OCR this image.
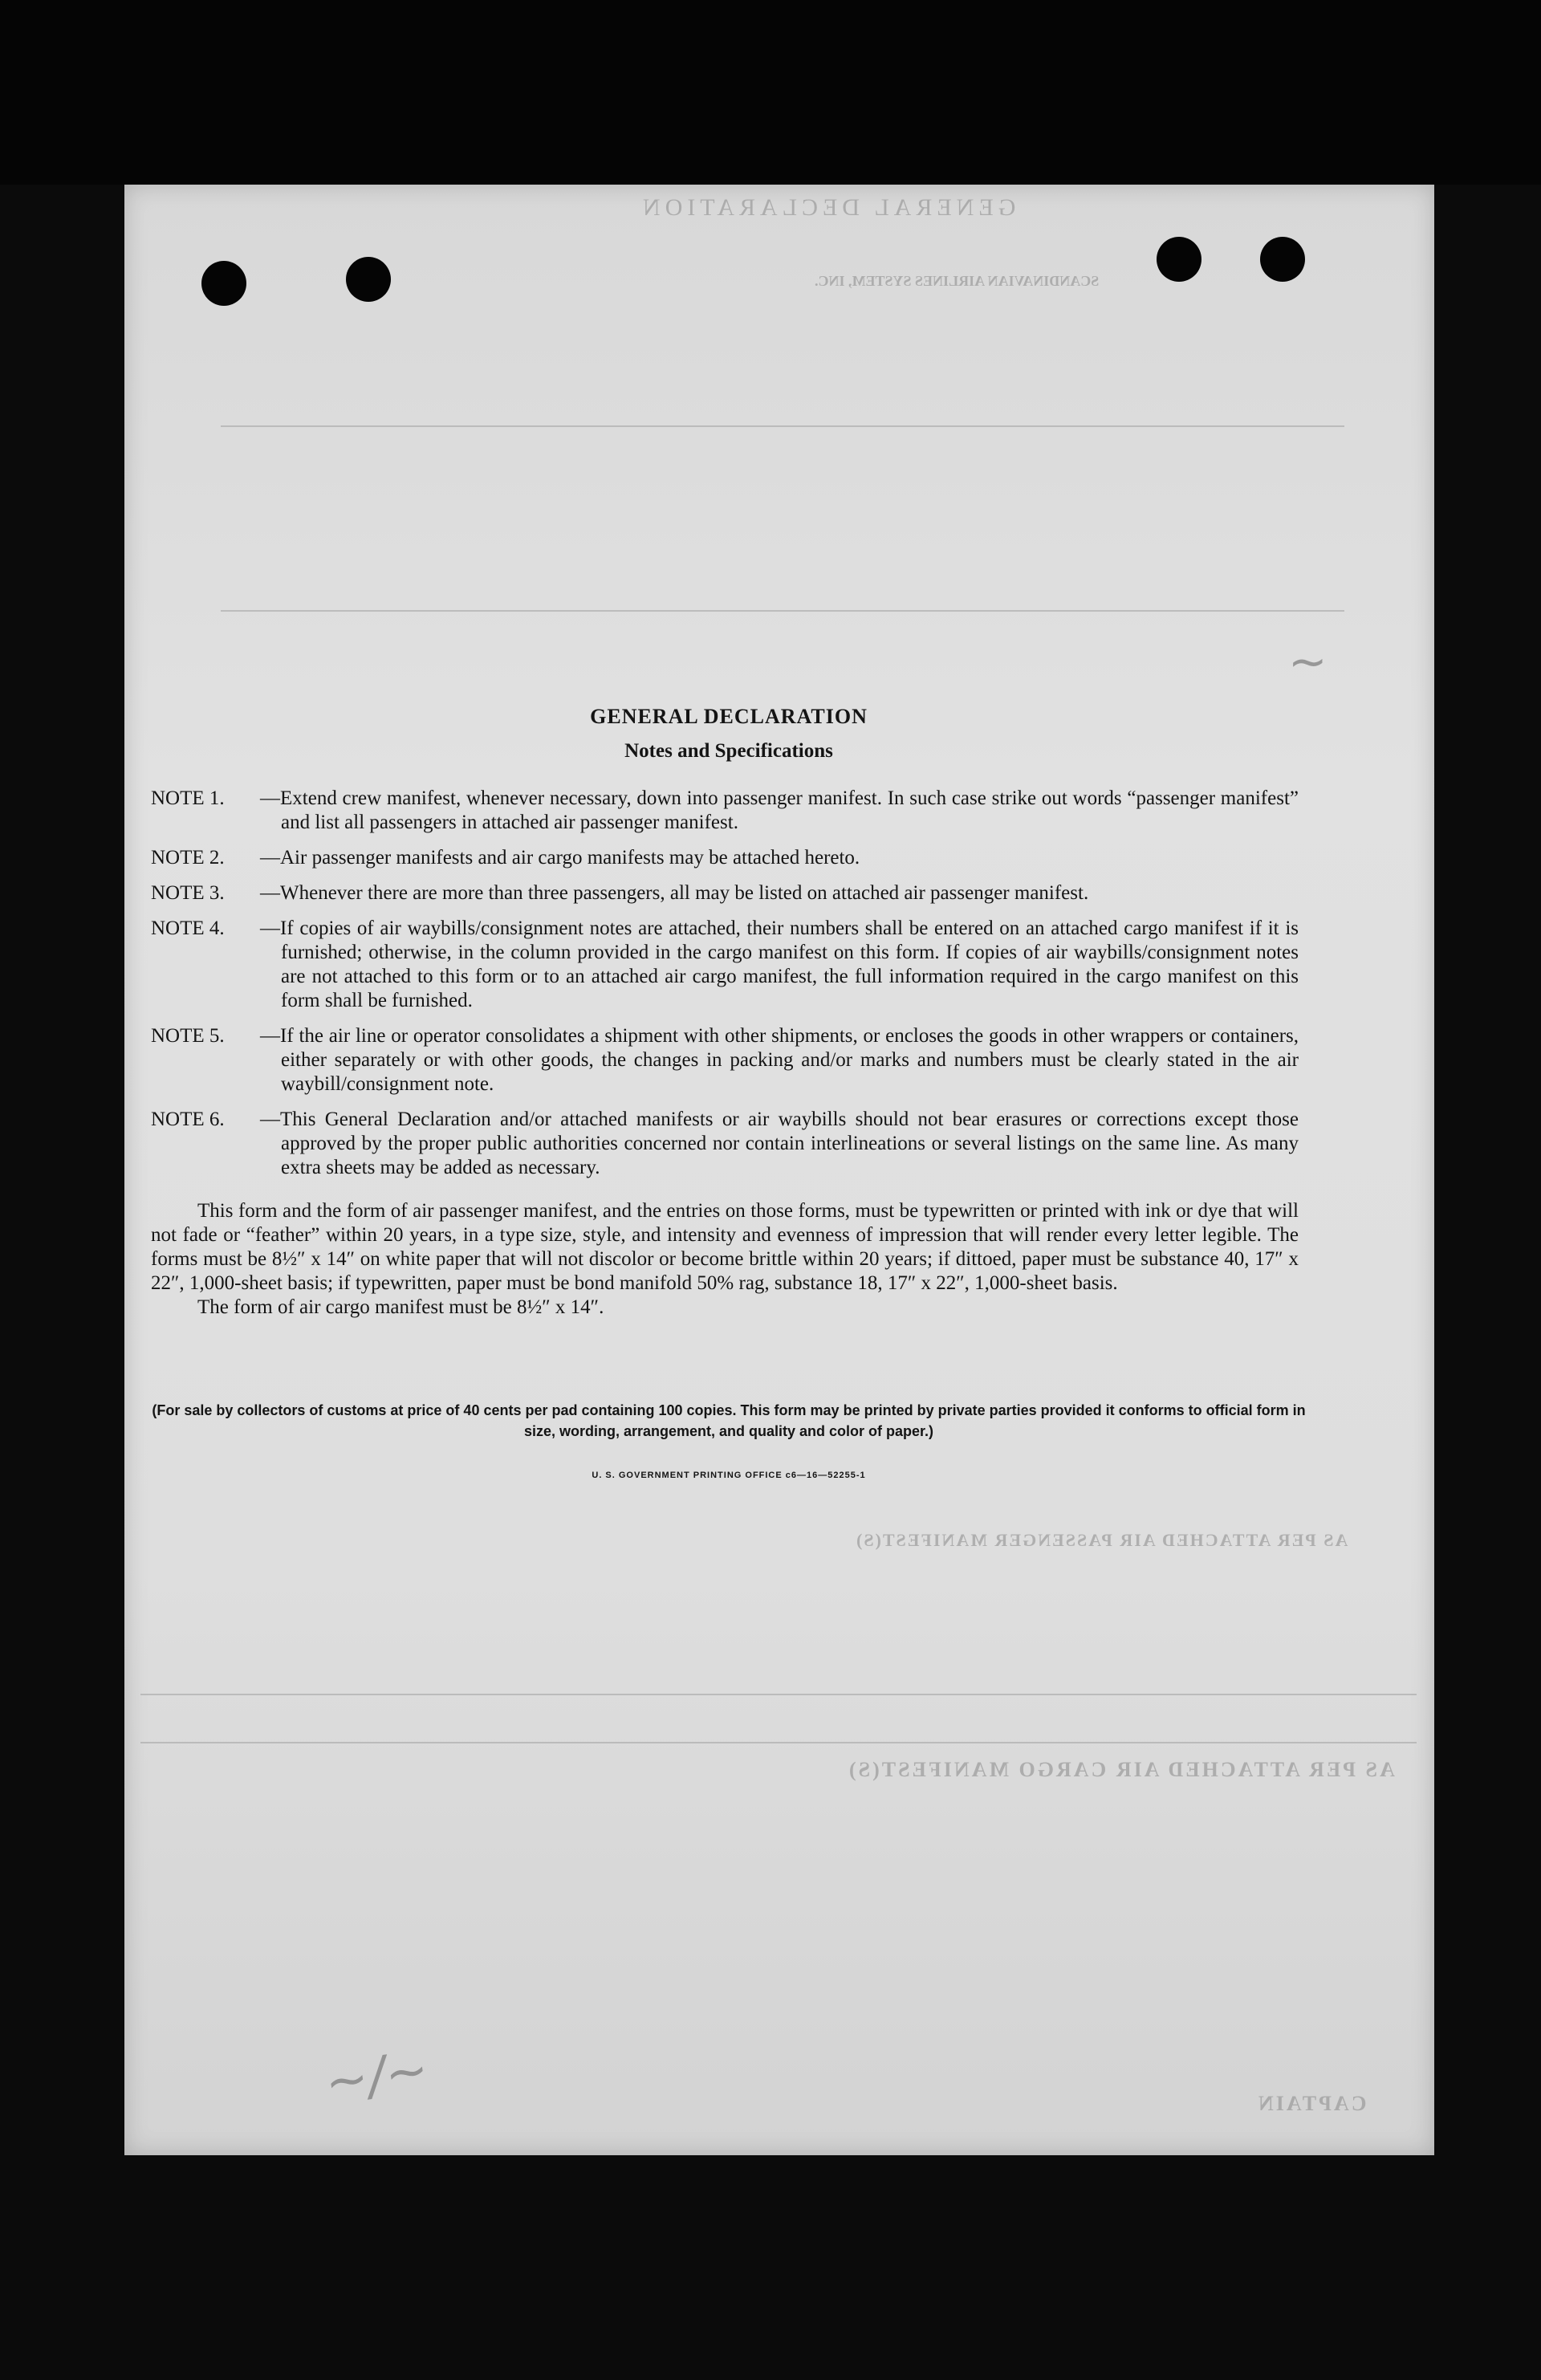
GENERAL DECLARATION
SCANDINAVIAN AIRLINES SYSTEM, INC.
AS PER ATTACHED AIR PASSENGER MANIFEST(S)
AS PER ATTACHED AIR CARGO MANIFEST(S)
CAPTAIN
~/~
~
GENERAL DECLARATION
Notes and Specifications
NOTE 1.	—Extend crew manifest, whenever necessary, down into passenger manifest. In such case strike out words “passenger manifest” and list all passengers in attached air passenger manifest.
NOTE 2.	—Air passenger manifests and air cargo manifests may be attached hereto.
NOTE 3.	—Whenever there are more than three passengers, all may be listed on attached air passenger manifest.
NOTE 4.	—If copies of air waybills/consignment notes are attached, their numbers shall be entered on an attached cargo manifest if it is furnished; otherwise, in the column provided in the cargo manifest on this form. If copies of air waybills/consignment notes are not attached to this form or to an attached air cargo manifest, the full information required in the cargo manifest on this form shall be furnished.
NOTE 5.	—If the air line or operator consolidates a shipment with other shipments, or encloses the goods in other wrappers or containers, either separately or with other goods, the changes in packing and/or marks and numbers must be clearly stated in the air waybill/consignment note.
NOTE 6.	—This General Declaration and/or attached manifests or air waybills should not bear erasures or corrections except those approved by the proper public authorities concerned nor contain interlineations or several listings on the same line. As many extra sheets may be added as necessary.

This form and the form of air passenger manifest, and the entries on those forms, must be typewritten or printed with ink or dye that will not fade or “feather” within 20 years, in a type size, style, and intensity and evenness of impression that will render every letter legible. The forms must be 8½″ x 14″ on white paper that will not discolor or become brittle within 20 years; if dittoed, paper must be substance 40, 17″ x 22″, 1,000-sheet basis; if typewritten, paper must be bond manifold 50% rag, substance 18, 17″ x 22″, 1,000-sheet basis.

The form of air cargo manifest must be 8½″ x 14″.

(For sale by collectors of customs at price of 40 cents per pad containing 100 copies. This form may be printed by private parties provided it conforms to official form in size, wording, arrangement, and quality and color of paper.)
U. S. GOVERNMENT PRINTING OFFICE c6—16—52255-1
